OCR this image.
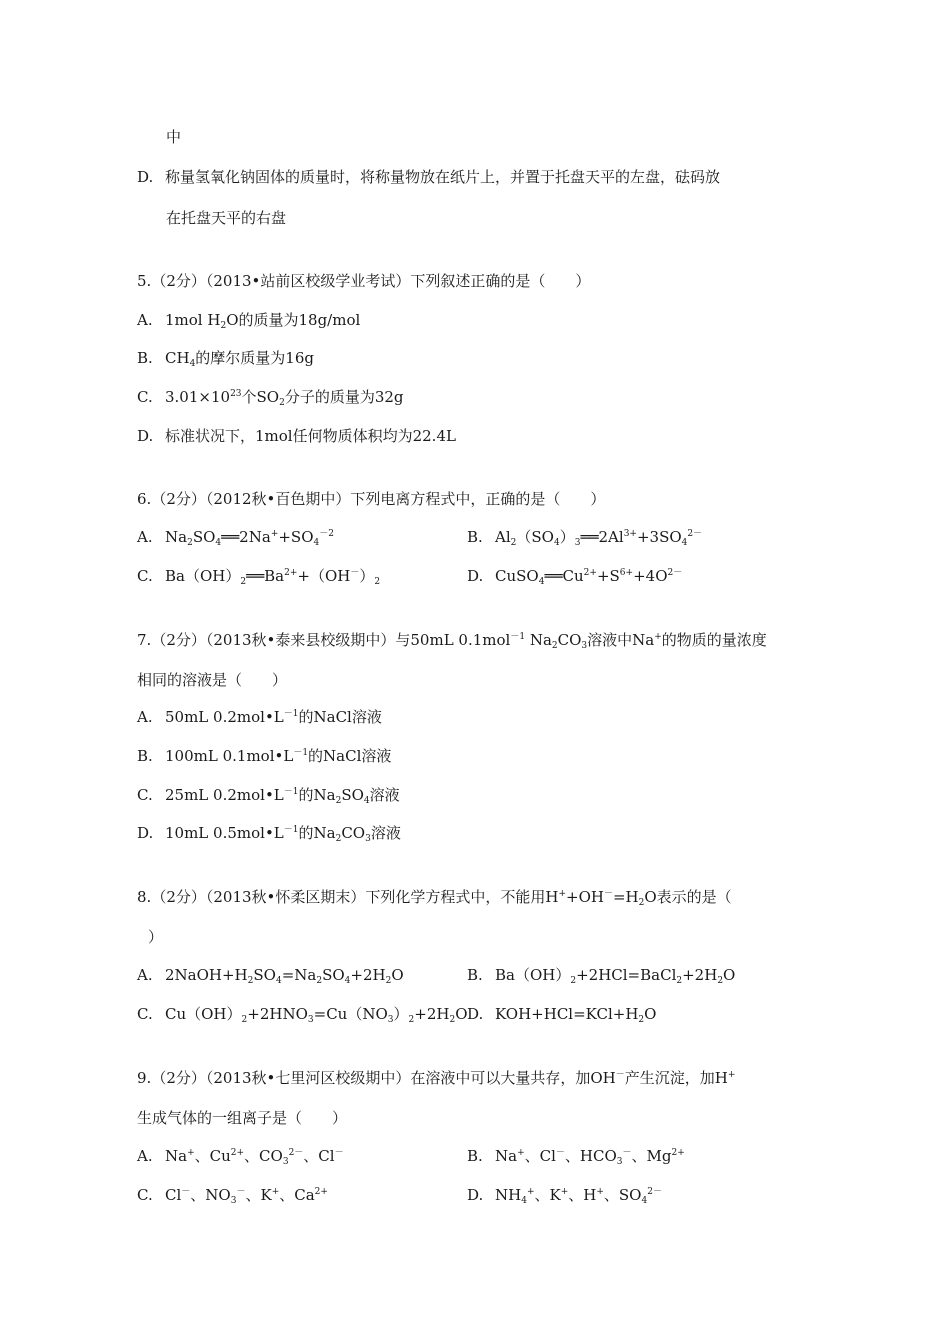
中
D. 称量氢氧化钠固体的质量时，将称量物放在纸片上，并置于托盘天平的左盘，砝码放
在托盘天平的右盘
5.（2分）（2013•站前区校级学业考试）下列叙述正确的是（　　）
A. 1mol $H_2O$的质量为18g/mol
B. $CH_4$的摩尔质量为16g
C. $3.01\times 10^{23}$个$SO_2$分子的质量为32g
D. 标准状况下，1mol任何物质体积均为22.4L
6.（2分）（2012秋•百色期中）下列电离方程式中，正确的是（　　）
A. $Na_2SO_4══2Na^++SO_4^{-2}$	B. $Al_2(SO_4)_3══2Al^{3+}+3SO_4^{2-}$
C. $Ba(OH)_2══Ba^{2+}+(OH^-)_2$	D. $CuSO_4══Cu^{2+}+S^{6+}+4O^{2-}$
7.（2分）（2013秋•泰来县校级期中）与50mL 0.1mol$^{-1}$ $Na_2CO_3$溶液中Na+的物质的量浓度
相同的溶液是（　　）
A. 50mL $0.2mol•L^{-1}$的NaCl溶液
B. 100mL $0.1mol•L^{-1}$的NaCl溶液
C. 25mL $0.2mol•L^{-1}$的$Na_2SO_4$溶液
D. 10mL $0.5mol•L^{-1}$的$Na_2CO_3$溶液
8.（2分）（2013秋•怀柔区期末）下列化学方程式中，不能用$H^++OH^-=H_2O$表示的是（
）
A. $2NaOH+H_2SO_4=Na_2SO_4+2H_2O$	B. $Ba(OH)_2+2HCl=BaCl_2+2H_2O$
C. $Cu(OH)_2+2HNO_3=Cu(NO_3)_2+2H_2O$ D. $KOH+HCl=KCl+H_2O$
9.（2分）（2013秋•七里河区校级期中）在溶液中可以大量共存，加OH－产生沉淀，加H+
生成气体的一组离子是（　　）
A. Na+、$Cu^{2+}$、$CO_3^{2-}$、Cl－	B. Na+、Cl－、$HCO_3^-$、$Mg^{2+}$
C. Cl－、$NO_3^-$、K+、$Ca^{2+}$	D. $NH_4^+$、K+、H+、$SO_4^{2-}$
